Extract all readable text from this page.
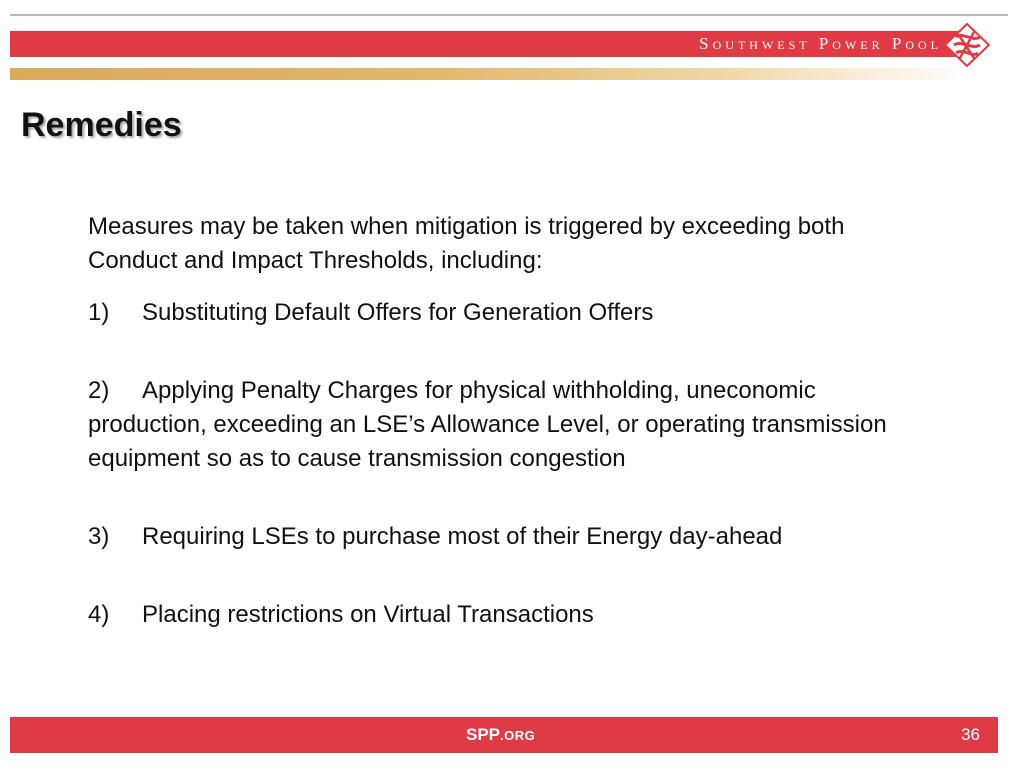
Southwest Power Pool
Remedies

Measures may be taken when mitigation is triggered by exceeding both Conduct and Impact Thresholds, including:

1) Substituting Default Offers for Generation Offers

2) Applying Penalty Charges for physical withholding, uneconomic production, exceeding an LSE’s Allowance Level, or operating transmission equipment so as to cause transmission congestion

3) Requiring LSEs to purchase most of their Energy day-ahead

4) Placing restrictions on Virtual Transactions

SPP.ORG	36
